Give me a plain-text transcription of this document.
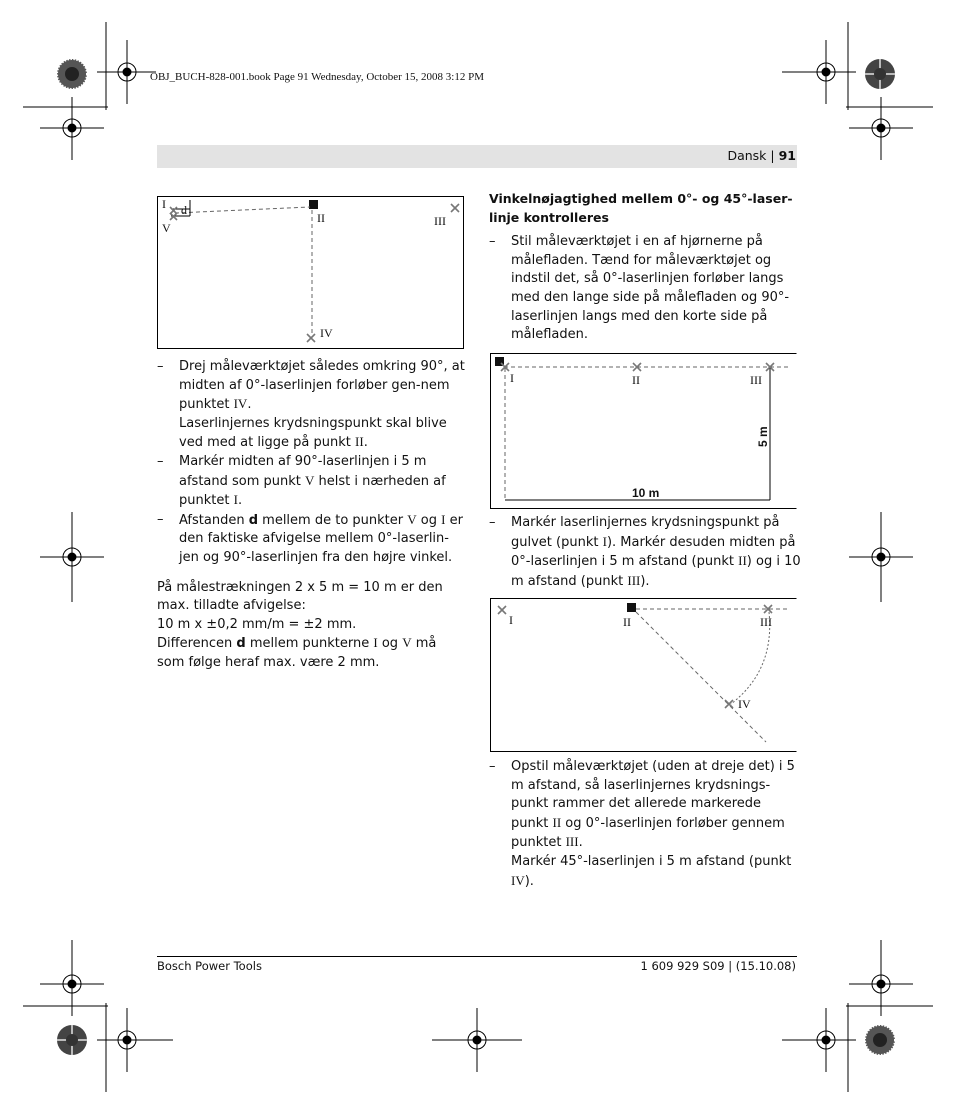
I
V
d
II	III
IV
I	II	III
10 m
5 m
I	II	III
IV
OBJ_BUCH-828-001.book Page 91 Wednesday, October 15, 2008 3:12 PM
Dansk | 91
– Drej måleværktøjet således omkring 90°, at midten af 0°-laserlinjen forløber gen-nem punktet IV.

Laserlinjernes krydsningspunkt skal blive ved med at ligge på punkt II.

– Markér midten af 90°-laserlinjen i 5 m afstand som punkt V helst i nærheden af punktet I.

– Afstanden d mellem de to punkter V og I er den faktiske afvigelse mellem 0°-laserlin-jen og 90°-laserlinjen fra den højre vinkel.

På målestrækningen 2 x 5 m = 10 m er den max. tilladte afvigelse:
10 m x ±0,2 mm/m = ±2 mm.
Differencen d mellem punkterne I og V må som følge heraf max. være 2 mm.
Vinkelnøjagtighed mellem 0°- og 45°-laser-linje kontrolleres
– Stil måleværktøjet i en af hjørnerne på målefladen. Tænd for måleværktøjet og indstil det, så 0°-laserlinjen forløber langs med den lange side på målefladen og 90°-laserlinjen langs med den korte side på målefladen.

– Markér laserlinjernes krydsningspunkt på gulvet (punkt I). Markér desuden midten på 0°-laserlinjen i 5 m afstand (punkt II) og i 10 m afstand (punkt III).

– Opstil måleværktøjet (uden at dreje det) i 5 m afstand, så laserlinjernes krydsnings-punkt rammer det allerede markerede punkt II og 0°-laserlinjen forløber gennem punktet III.

Markér 45°-laserlinjen i 5 m afstand (punkt IV).

Bosch Power Tools	1 609 929 S09 | (15.10.08)
